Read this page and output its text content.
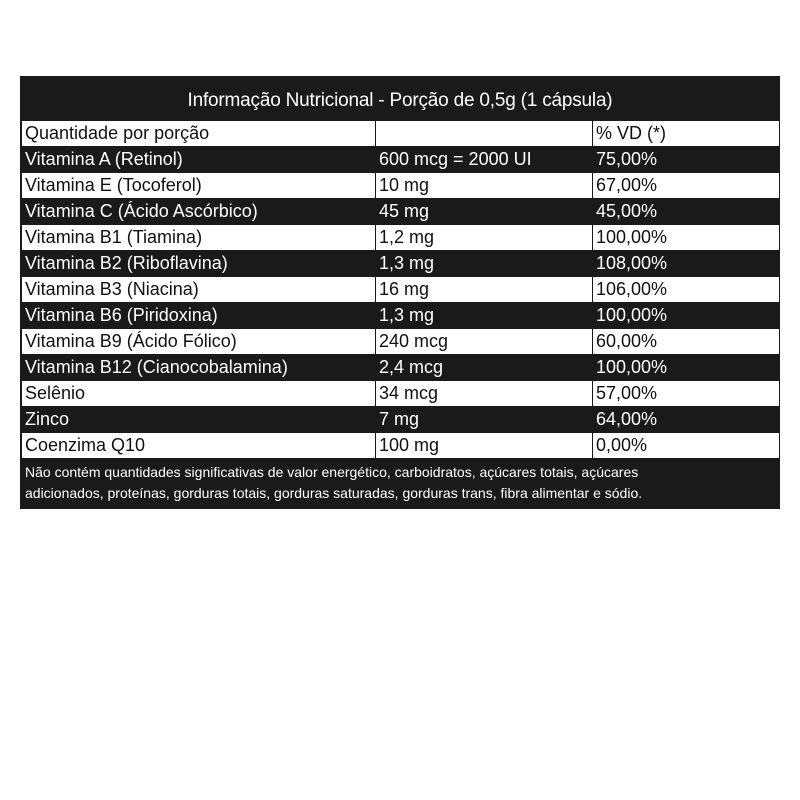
Informação Nutricional - Porção de 0,5g (1 cápsula)
Quantidade por porção		% VD (*)
Vitamina A (Retinol)	600 mcg = 2000 UI	75,00%
Vitamina E (Tocoferol)	10 mg	67,00%
Vitamina C (Ácido Ascórbico)	45 mg	45,00%
Vitamina B1 (Tiamina)	1,2 mg	100,00%
Vitamina B2 (Riboflavina)	1,3 mg	108,00%
Vitamina B3 (Niacina)	16 mg	106,00%
Vitamina B6 (Piridoxina)	1,3 mg	100,00%
Vitamina B9 (Ácido Fólico)	240 mcg	60,00%
Vitamina B12 (Cianocobalamina)	2,4 mcg	100,00%
Selênio	34 mcg	57,00%
Zinco	7 mg	64,00%
Coenzima Q10	100 mg	0,00%
Não contém quantidades significativas de valor energético, carboidratos, açúcares totais, açúcares
adicionados, proteínas, gorduras totais, gorduras saturadas, gorduras trans, fibra alimentar e sódio.
